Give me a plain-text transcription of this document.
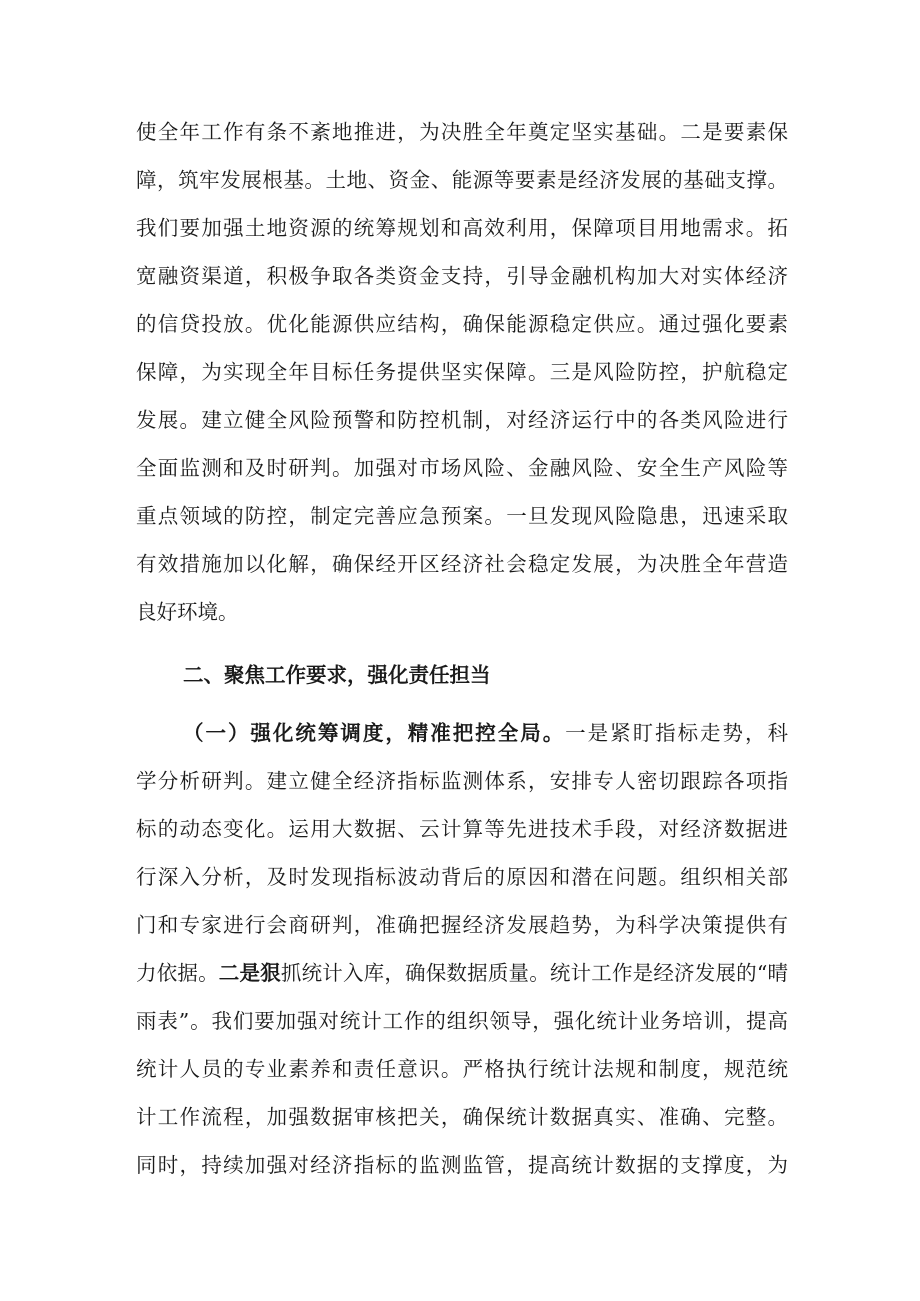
使全年工作有条不紊地推进，为决胜全年奠定坚实基础。二是要素保
障，筑牢发展根基。土地、资金、能源等要素是经济发展的基础支撑。
我们要加强土地资源的统筹规划和高效利用，保障项目用地需求。拓
宽融资渠道，积极争取各类资金支持，引导金融机构加大对实体经济
的信贷投放。优化能源供应结构，确保能源稳定供应。通过强化要素
保障，为实现全年目标任务提供坚实保障。三是风险防控，护航稳定
发展。建立健全风险预警和防控机制，对经济运行中的各类风险进行
全面监测和及时研判。加强对市场风险、金融风险、安全生产风险等
重点领域的防控，制定完善应急预案。一旦发现风险隐患，迅速采取
有效措施加以化解，确保经开区经济社会稳定发展，为决胜全年营造
良好环境。
二、聚焦工作要求，强化责任担当
（一）强化统筹调度，精准把控全局。一是紧盯指标走势，科
学分析研判。建立健全经济指标监测体系，安排专人密切跟踪各项指
标的动态变化。运用大数据、云计算等先进技术手段，对经济数据进
行深入分析，及时发现指标波动背后的原因和潜在问题。组织相关部
门和专家进行会商研判，准确把握经济发展趋势，为科学决策提供有
力依据。二是狠抓统计入库，确保数据质量。统计工作是经济发展的“晴
雨表”。我们要加强对统计工作的组织领导，强化统计业务培训，提高
统计人员的专业素养和责任意识。严格执行统计法规和制度，规范统
计工作流程，加强数据审核把关，确保统计数据真实、准确、完整。
同时，持续加强对经济指标的监测监管，提高统计数据的支撑度，为
